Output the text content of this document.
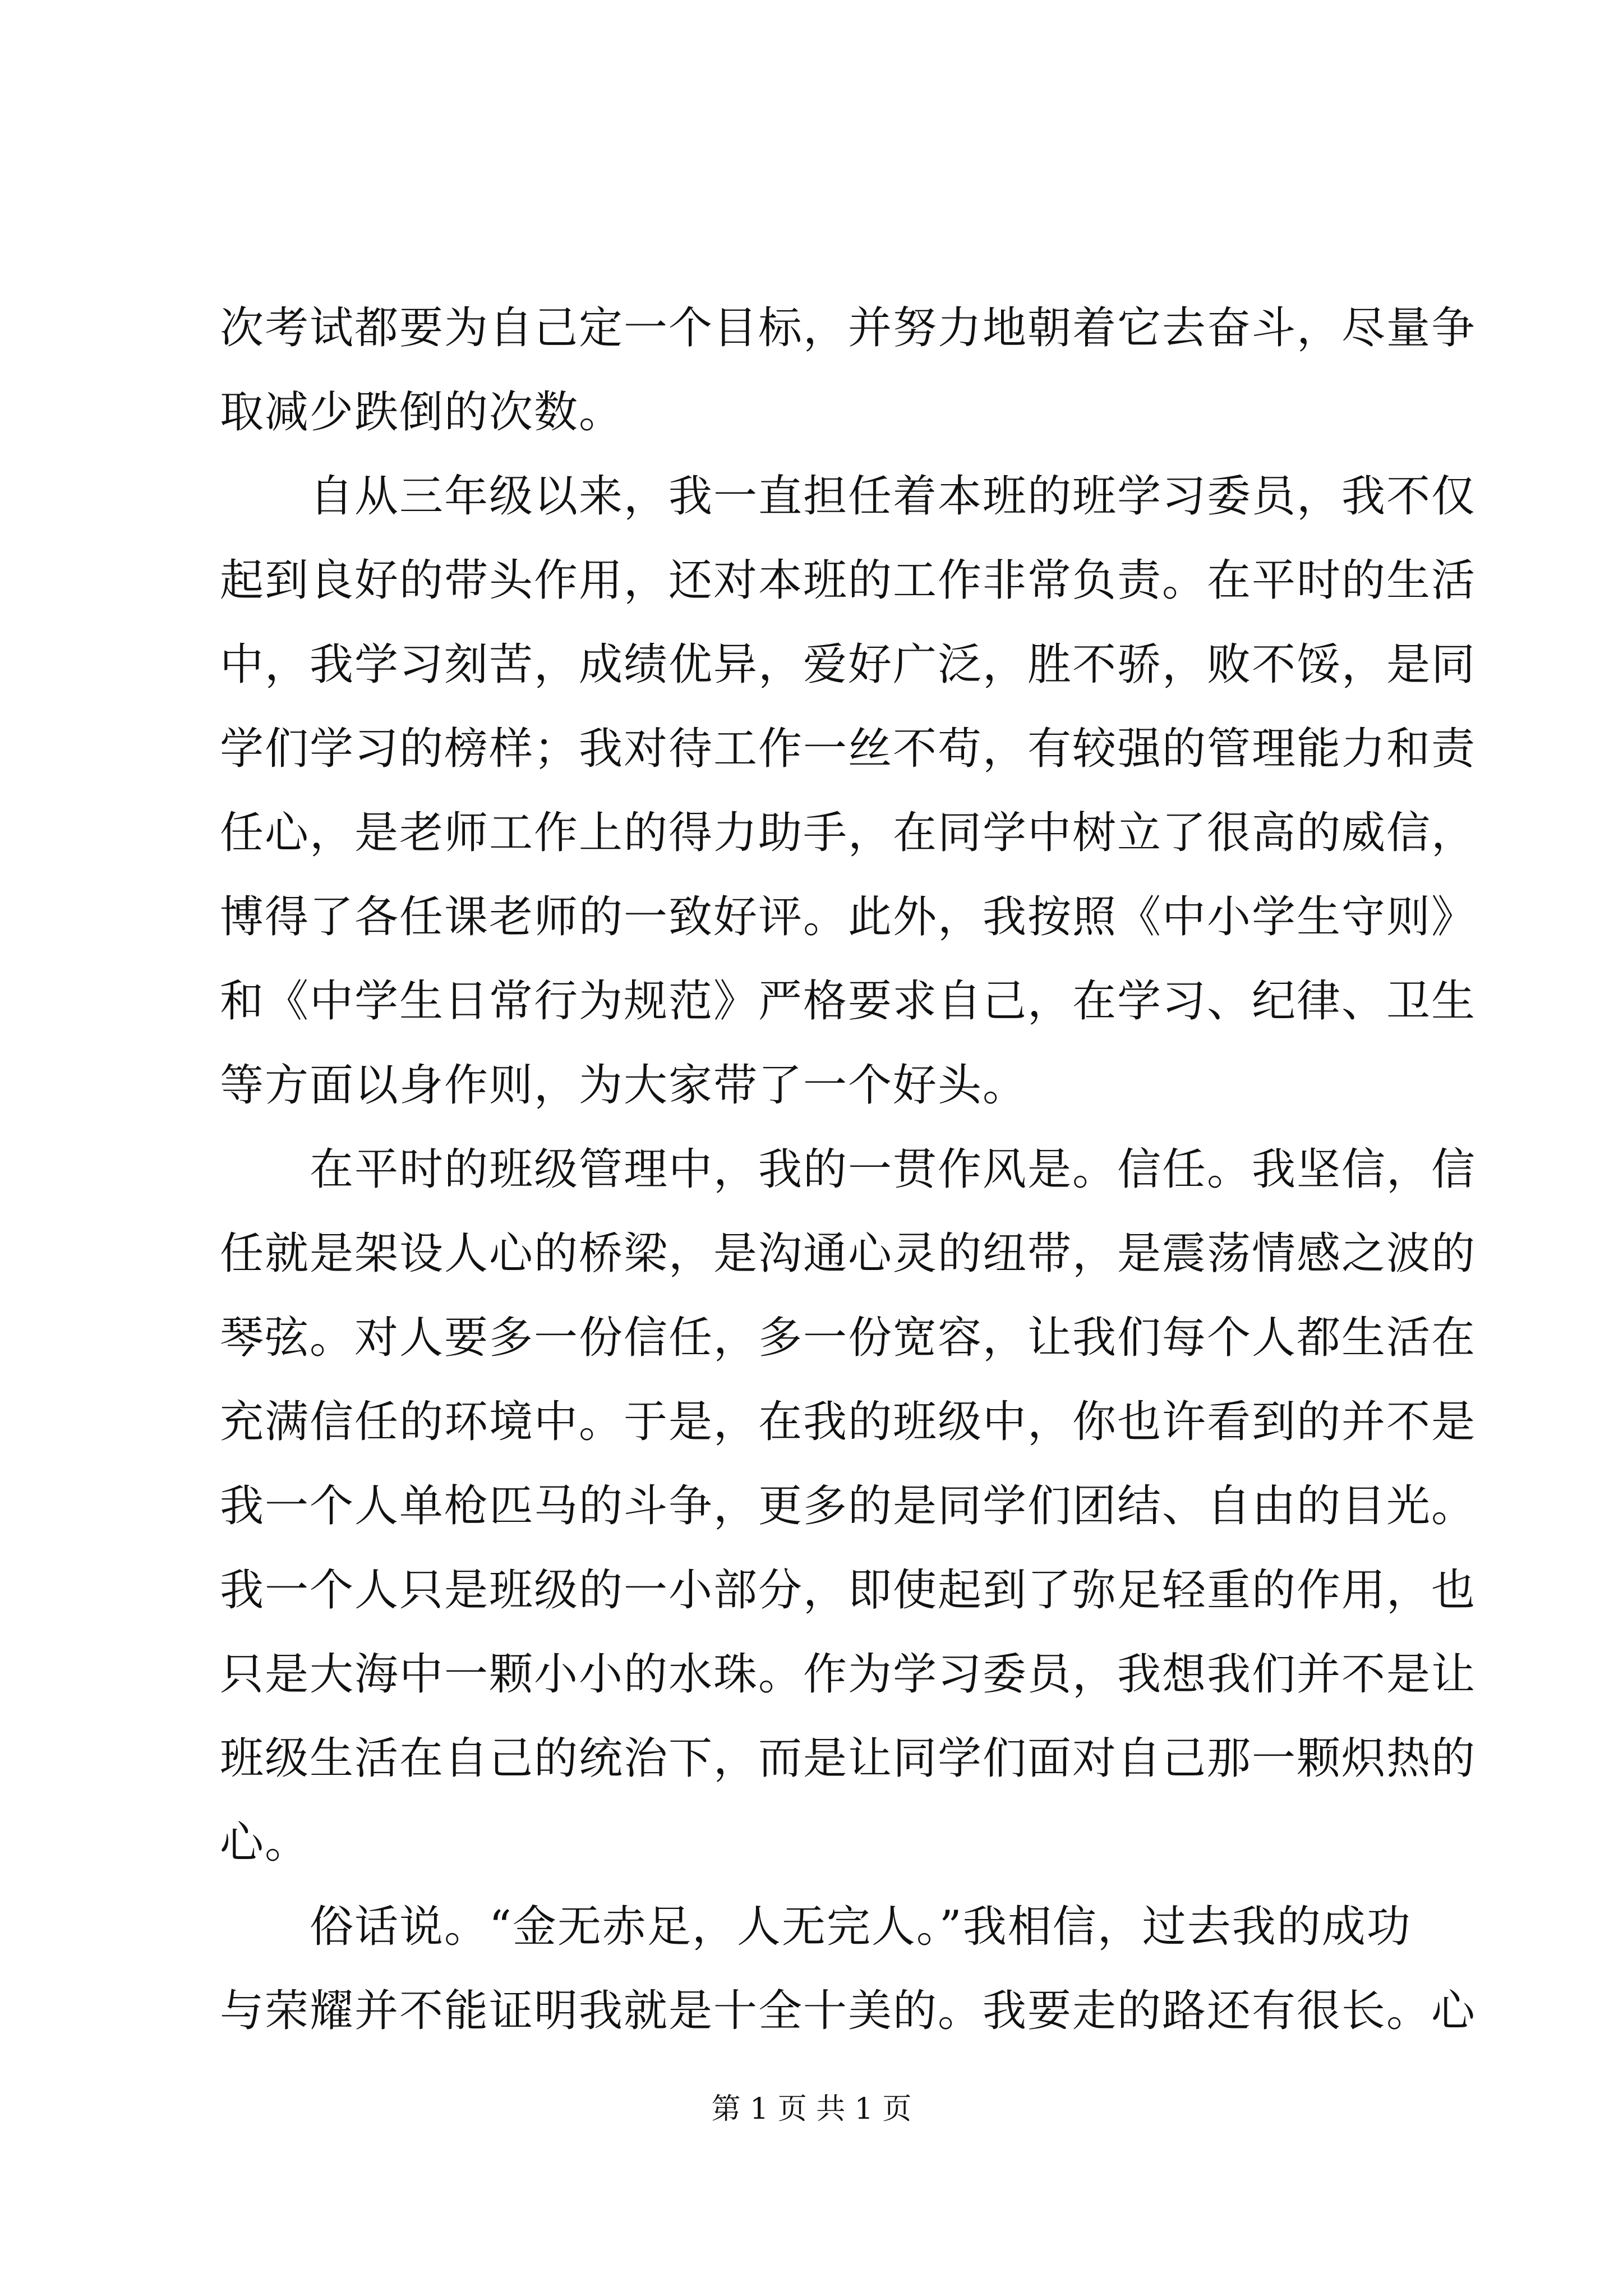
次考试都要为自己定一个目标，并努力地朝着它去奋斗，尽量争
取减少跌倒的次数。
　　自从三年级以来，我一直担任着本班的班学习委员，我不仅
起到良好的带头作用，还对本班的工作非常负责。在平时的生活
中，我学习刻苦，成绩优异，爱好广泛，胜不骄，败不馁，是同
学们学习的榜样；我对待工作一丝不苟，有较强的管理能力和责
任心，是老师工作上的得力助手，在同学中树立了很高的威信，
博得了各任课老师的一致好评。此外，我按照《中小学生守则》
和《中学生日常行为规范》严格要求自己，在学习、纪律、卫生
等方面以身作则，为大家带了一个好头。
　　在平时的班级管理中，我的一贯作风是。信任。我坚信，信
任就是架设人心的桥梁，是沟通心灵的纽带，是震荡情感之波的
琴弦。对人要多一份信任，多一份宽容，让我们每个人都生活在
充满信任的环境中。于是，在我的班级中，你也许看到的并不是
我一个人单枪匹马的斗争，更多的是同学们团结、自由的目光。
我一个人只是班级的一小部分，即使起到了弥足轻重的作用，也
只是大海中一颗小小的水珠。作为学习委员，我想我们并不是让
班级生活在自己的统治下，而是让同学们面对自己那一颗炽热的
心。
　　俗话说。“金无赤足，人无完人。”我相信，过去我的成功
与荣耀并不能证明我就是十全十美的。我要走的路还有很长。心
第 1 页 共 1 页
